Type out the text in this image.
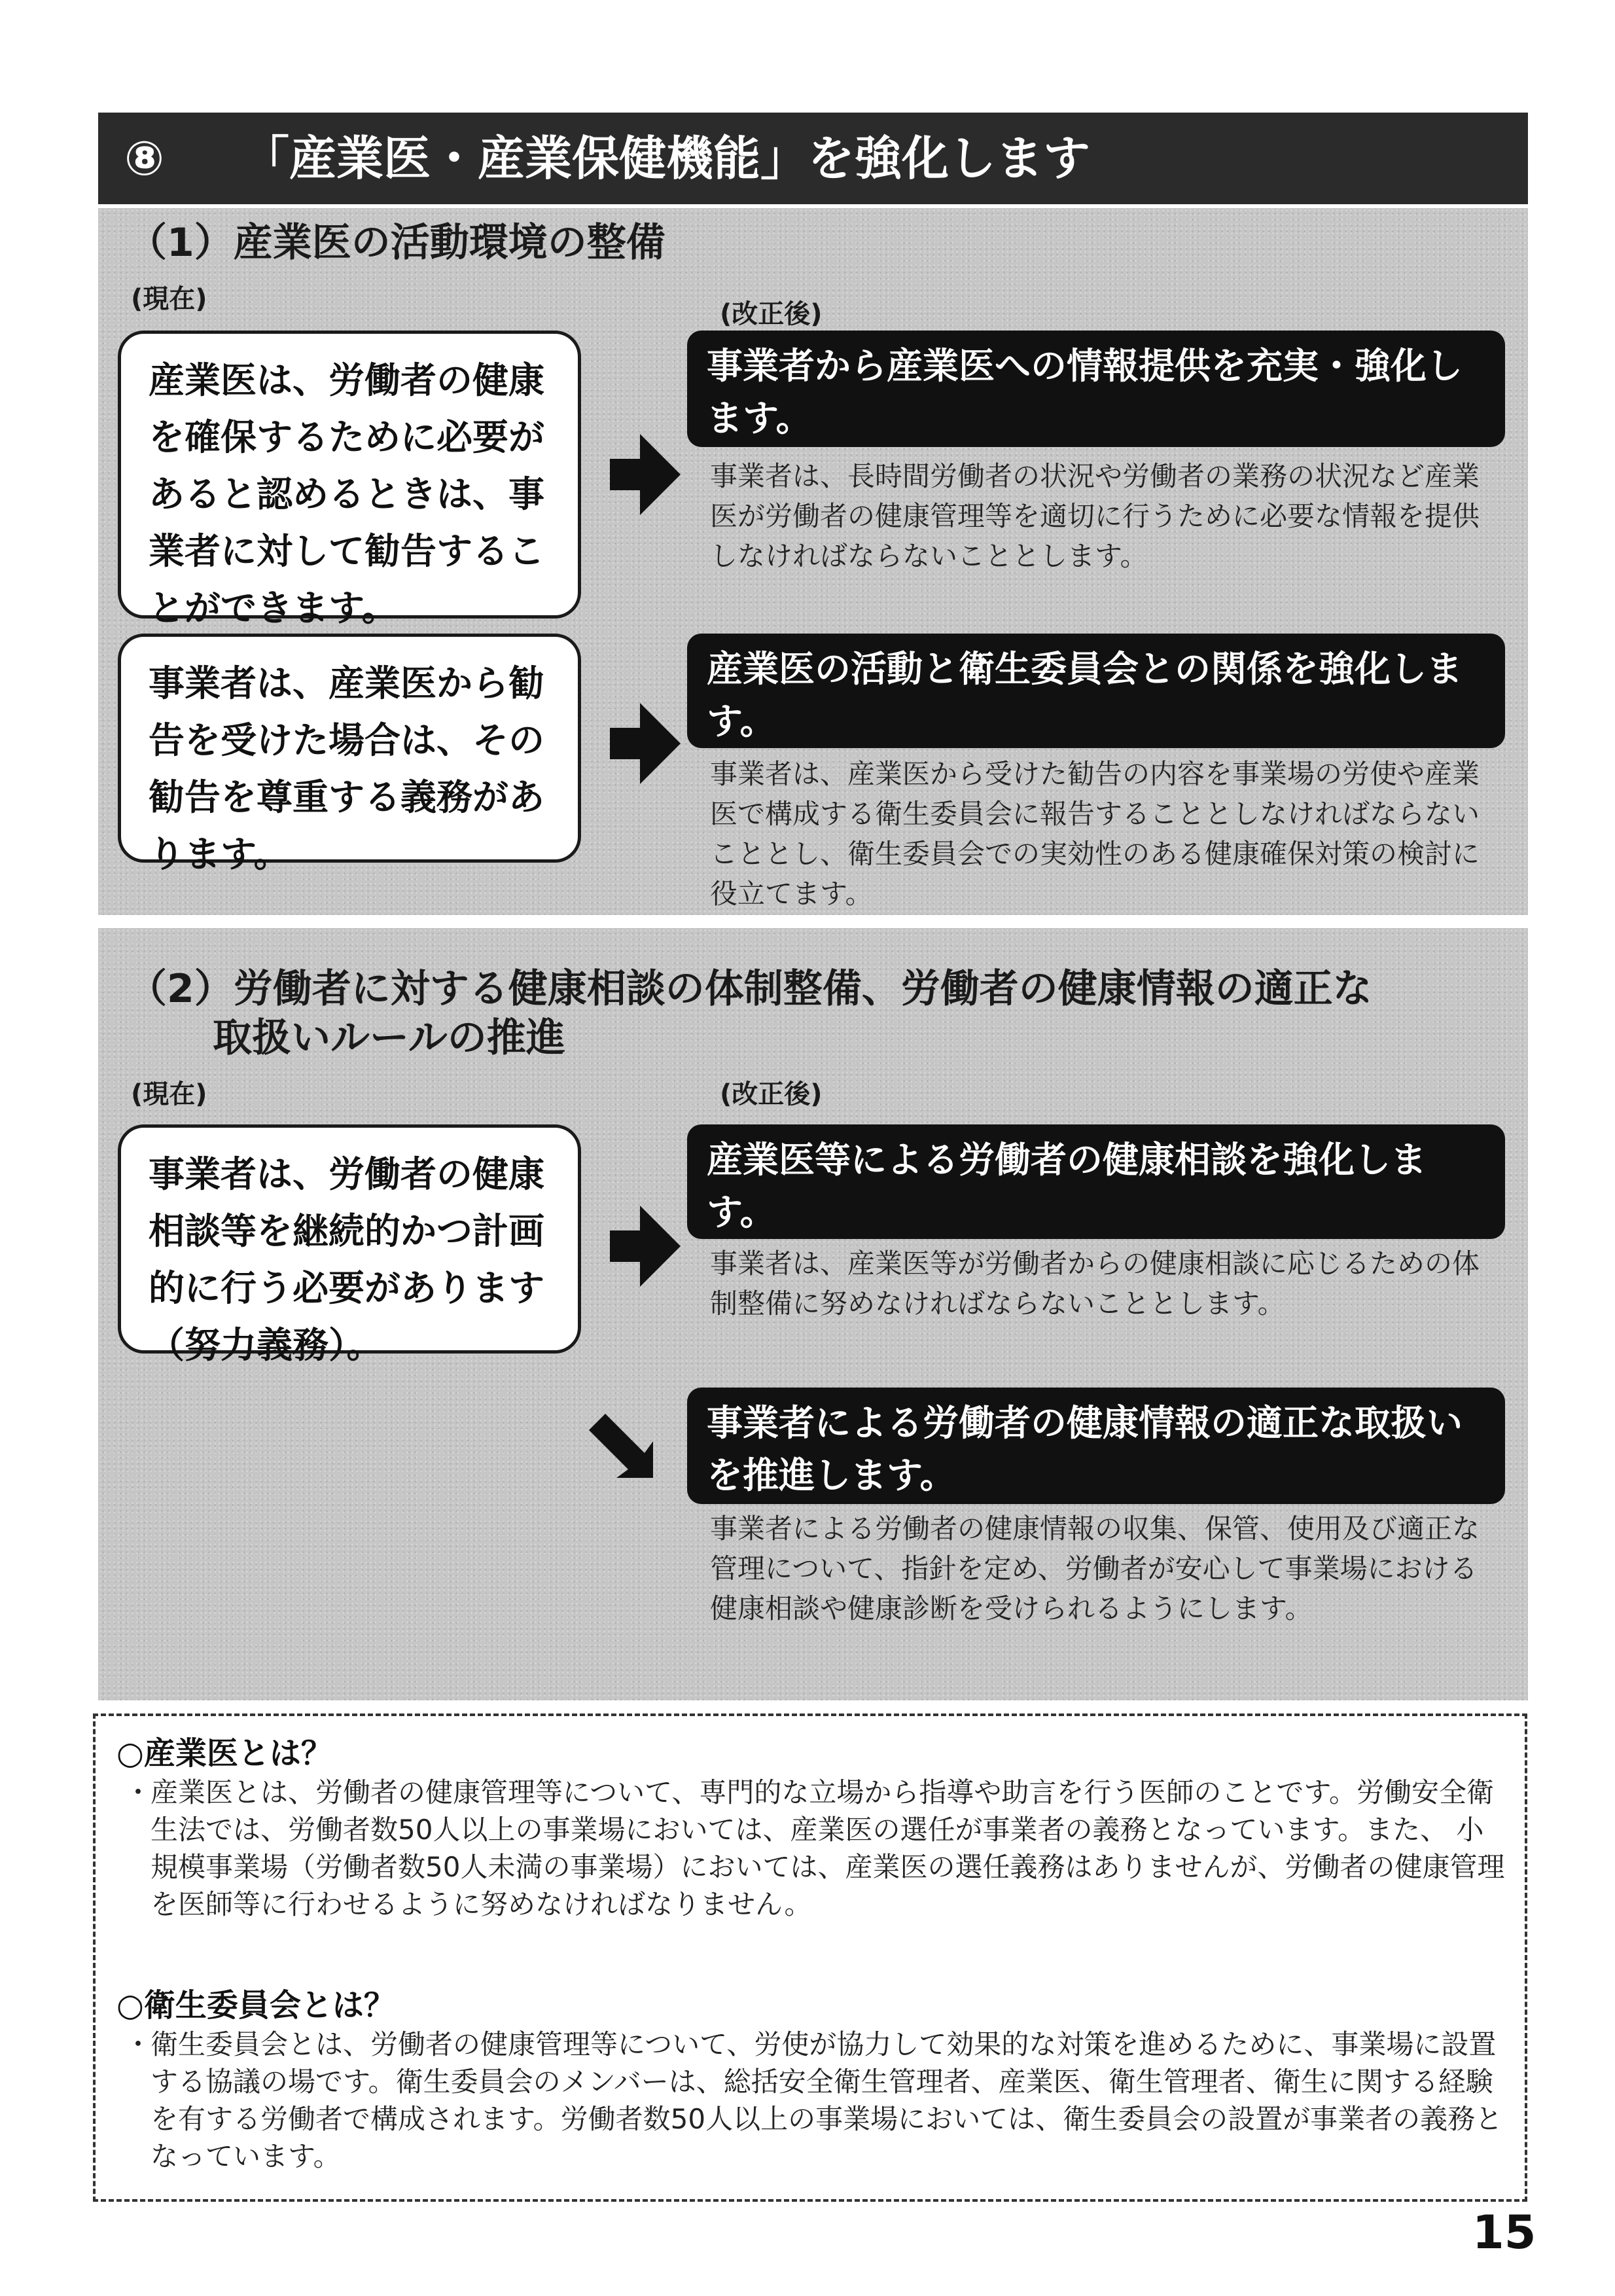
⑧ 「産業医・産業保健機能」を強化します
（1）産業医の活動環境の整備
(現在)	(改正後)
産業医は、労働者の健康を確保するために必要があると認めるときは、事業者に対して勧告することができます。
事業者から産業医への情報提供を充実・強化します。
事業者は、長時間労働者の状況や労働者の業務の状況など産業医が労働者の健康管理等を適切に行うために必要な情報を提供しなければならないこととします。
事業者は、産業医から勧告を受けた場合は、その勧告を尊重する義務があります。
産業医の活動と衛生委員会との関係を強化します。
事業者は、産業医から受けた勧告の内容を事業場の労使や産業医で構成する衛生委員会に報告することとしなければならないこととし、衛生委員会での実効性のある健康確保対策の検討に役立てます。
（2）労働者に対する健康相談の体制整備、労働者の健康情報の適正な
取扱いルールの推進
(現在)	(改正後)
事業者は、労働者の健康相談等を継続的かつ計画的に行う必要があります（努力義務）。
産業医等による労働者の健康相談を強化します。
事業者は、産業医等が労働者からの健康相談に応じるための体制整備に努めなければならないこととします。
事業者による労働者の健康情報の適正な取扱いを推進します。
事業者による労働者の健康情報の収集、保管、使用及び適正な管理について、指針を定め、労働者が安心して事業場における健康相談や健康診断を受けられるようにします。
○産業医とは？
・
産業医とは、労働者の健康管理等について、専門的な立場から指導や助言を行う医師のことです。労働安全衛生法では、労働者数50人以上の事業場においては、産業医の選任が事業者の義務となっています。また、 小規模事業場（労働者数50人未満の事業場）においては、産業医の選任義務はありませんが、労働者の健康管理を医師等に行わせるように努めなければなりません。
○衛生委員会とは？
・
衛生委員会とは、労働者の健康管理等について、労使が協力して効果的な対策を進めるために、事業場に設置する協議の場です。衛生委員会のメンバーは、総括安全衛生管理者、産業医、衛生管理者、衛生に関する経験を有する労働者で構成されます。労働者数50人以上の事業場においては、衛生委員会の設置が事業者の義務となっています。
15
